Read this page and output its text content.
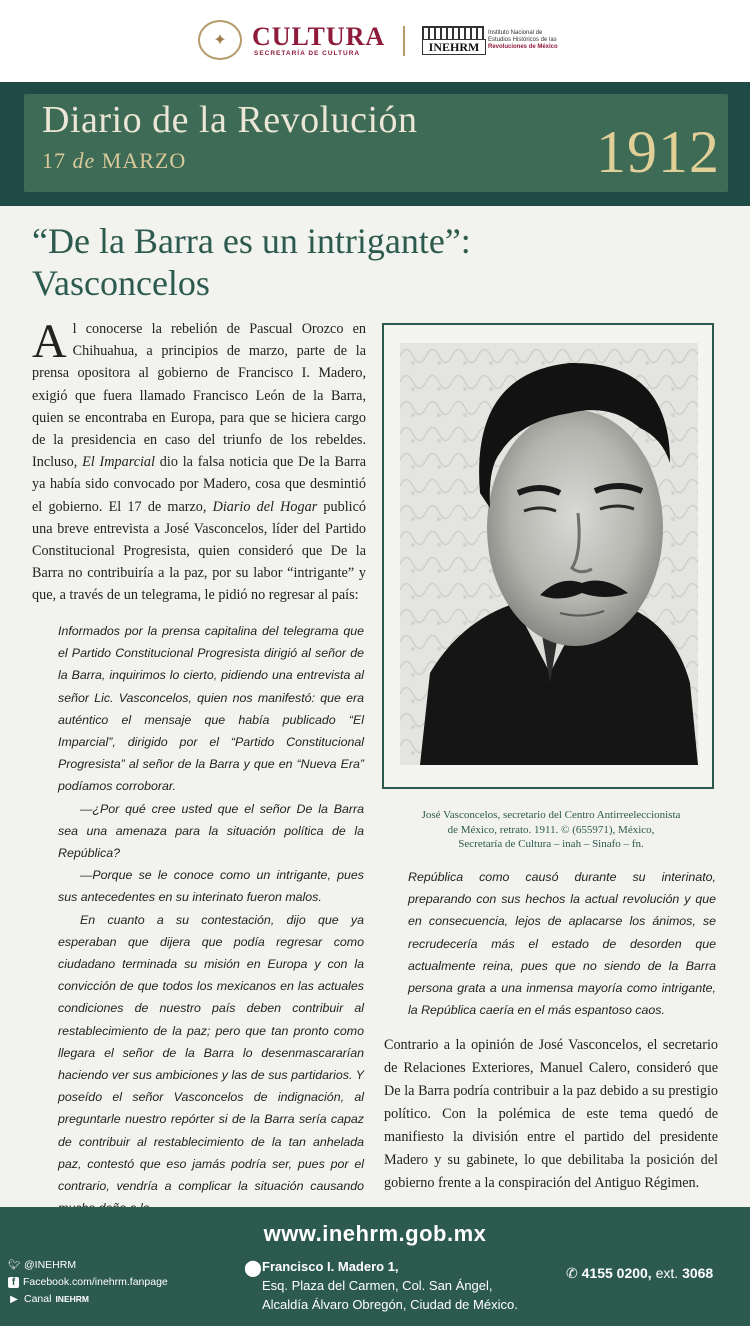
✦ CULTURA
SECRETARÍA DE CULTURA	INEHRM
Instituto Nacional de
Estudios Históricos de las
Revoluciones de México
Diario de la Revolución
17 de MARZO	1912
“De la Barra es un intrigante”:
Vasconcelos

Al conocerse la rebelión de Pascual Orozco en Chihuahua, a principios de marzo, parte de la prensa opositora al gobierno de Francisco I. Madero, exigió que fuera llamado Francisco León de la Barra, quien se encontraba en Europa, para que se hiciera cargo de la presidencia en caso del triunfo de los rebeldes. Incluso, El Imparcial dio la falsa noticia que De la Barra ya había sido convocado por Madero, cosa que desmintió el gobierno. El 17 de marzo, Diario del Hogar publicó una breve entrevista a José Vasconcelos, líder del Partido Constitucional Progresista, quien consideró que De la Barra no contribuiría a la paz, por su labor “intrigante” y que, a través de un telegrama, le pidió no regresar al país:

Informados por la prensa capitalina del telegrama que el Partido Constitucional Progresista dirigió al señor de la Barra, inquirimos lo cierto, pidiendo una entrevista al señor Lic. Vasconcelos, quien nos manifestó: que era auténtico el mensaje que había publicado “El Imparcial”, dirigido por el “Partido Constitucional Progresista” al señor de la Barra y que en “Nueva Era” podíamos corroborar.

—¿Por qué cree usted que el señor De la Barra sea una amenaza para la situación política de la República?

—Porque se le conoce como un intrigante, pues sus antecedentes en su interinato fueron malos.

En cuanto a su contestación, dijo que ya esperaban que dijera que podía regresar como ciudadano terminada su misión en Europa y con la convicción de que todos los mexicanos en las actuales condiciones de nuestro país deben contribuir al restablecimiento de la paz; pero que tan pronto como llegara el señor de la Barra lo desenmascararían haciendo ver sus ambiciones y las de sus partidarios. Y poseído el señor Vasconcelos de indignación, al preguntarle nuestro repórter si de la Barra sería capaz de contribuir al restablecimiento de la tan anhelada paz, contestó que eso jamás podría ser, pues por el contrario, vendría a complicar la situación causando

José Vasconcelos, secretario del Centro Antirreeleccionista
de México, retrato. 1911. © (655971), México,
Secretaría de Cultura – inah – Sinafo – fn.

República como causó durante su interinato, preparando con sus hechos la actual revolución y que en consecuencia, lejos de aplacarse los ánimos, se recrudecería más el estado de desorden que actualmente reina, pues que no siendo de la Barra persona grata a una inmensa mayoría como intrigante, la República caería en el más espantoso caos.

Contrario a la opinión de José Vasconcelos, el secretario de Relaciones Exteriores, Manuel Calero, consideró que De la Barra podría contribuir a la paz debido a su prestigio político. Con la polémica de este tema quedó de manifiesto la división entre el partido del presidente Madero y su gabinete, lo que debilitaba la posición del gobierno frente a la conspiración del Antiguo Régimen.

www.inehrm.gob.mx
🐦︎ @INEHRM
f Facebook.com/inehrm.fanpage
▶ Canal INEHRM
⬤ Francisco I. Madero 1,
Esq. Plaza del Carmen, Col. San Ángel,
Alcaldía Álvaro Obregón, Ciudad de México.
✆ 4155 0200, ext. 3068
